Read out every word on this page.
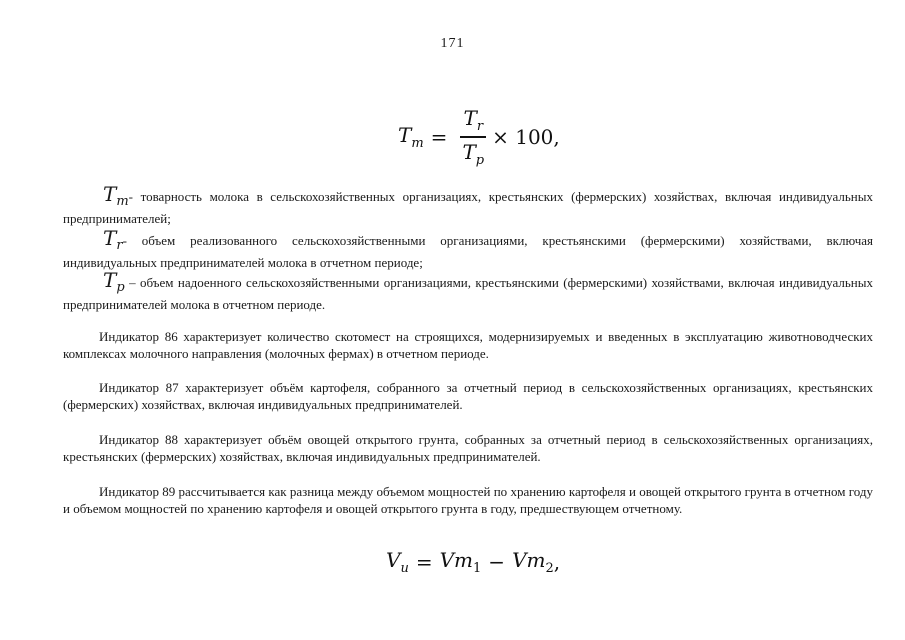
171
$T_m = \frac{T_r}{T_p} \times 100$,
$T_m-$ товарность молока в сельскохозяйственных организациях, крестьянских (фермерских) хозяйствах, включая индивидуальных предпринимателей;
$T_r-$ объем реализованного сельскохозяйственными организациями, крестьянскими (фермерскими) хозяйствами, включая индивидуальных предпринимателей молока в отчетном периоде;
$T_p$ – объем надоенного сельскохозяйственными организациями, крестьянскими (фермерскими) хозяйствами, включая индивидуальных предпринимателей молока в отчетном периоде.

Индикатор 86 характеризует количество скотомест на строящихся, модернизируемых и введенных в эксплуатацию животноводческих комплексах молочного направления (молочных фермах) в отчетном периоде.

Индикатор 87 характеризует объём картофеля, собранного за отчетный период в сельскохозяйственных организациях, крестьянских (фермерских) хозяйствах, включая индивидуальных предпринимателей.

Индикатор 88 характеризует объём овощей открытого грунта, собранных за отчетный период в сельскохозяйственных организациях, крестьянских (фермерских) хозяйствах, включая индивидуальных предпринимателей.

Индикатор 89 рассчитывается как разница между объемом мощностей по хранению картофеля и овощей открытого грунта в отчетном году и объемом мощностей по хранению картофеля и овощей открытого грунта в году, предшествующем отчетному.

$V_u = Vm_1 - Vm_2$ ,
